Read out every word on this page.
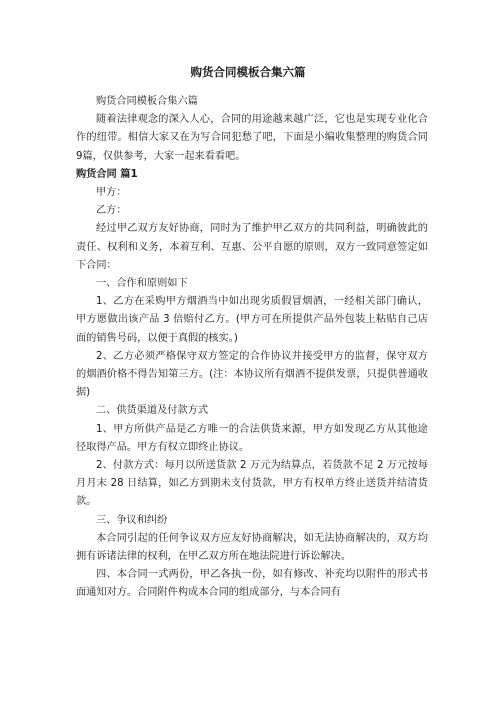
购货合同模板合集六篇

购货合同模板合集六篇

随着法律观念的深入人心，合同的用途越来越广泛，它也是实现专业化合作的纽带。相信大家又在为写合同犯愁了吧，下面是小编收集整理的购货合同9篇，仅供参考，大家一起来看看吧。

购货合同 篇1

甲方：

乙方：

经过甲乙双方友好协商，同时为了维护甲乙双方的共同利益，明确彼此的责任、权利和义务，本着互利、互惠、公平自愿的原则，双方一致同意签定如下合同：

一、合作和原则如下

1、乙方在采购甲方烟酒当中如出现劣质假冒烟酒，一经相关部门确认，甲方愿做出该产品 3 倍赔付乙方。(甲方可在所提供产品外包装上粘贴自己店面的销售号码，以便于真假的核实。)

2、乙方必须严格保守双方签定的合作协议并接受甲方的监督，保守双方的烟酒价格不得告知第三方。(注：本协议所有烟酒不提供发票，只提供普通收据)

二、供货渠道及付款方式

1、甲方所供产品是乙方唯一的合法供货来源，甲方如发现乙方从其他途径取得产品。甲方有权立即终止协议。

2、付款方式：每月以所送货款 2 万元为结算点，若货款不足 2 万元按每月月末 28 日结算，如乙方到期未支付货款，甲方有权单方终止送货并结清货款。

三、争议和纠纷

本合同引起的任何争议双方应友好协商解决，如无法协商解决的，双方均拥有诉诸法律的权利，在甲乙双方所在地法院进行诉讼解决。

四、本合同一式两份，甲乙各执一份，如有修改、补充均以附件的形式书面通知对方。合同附件构成本合同的组成部分，与本合同有
